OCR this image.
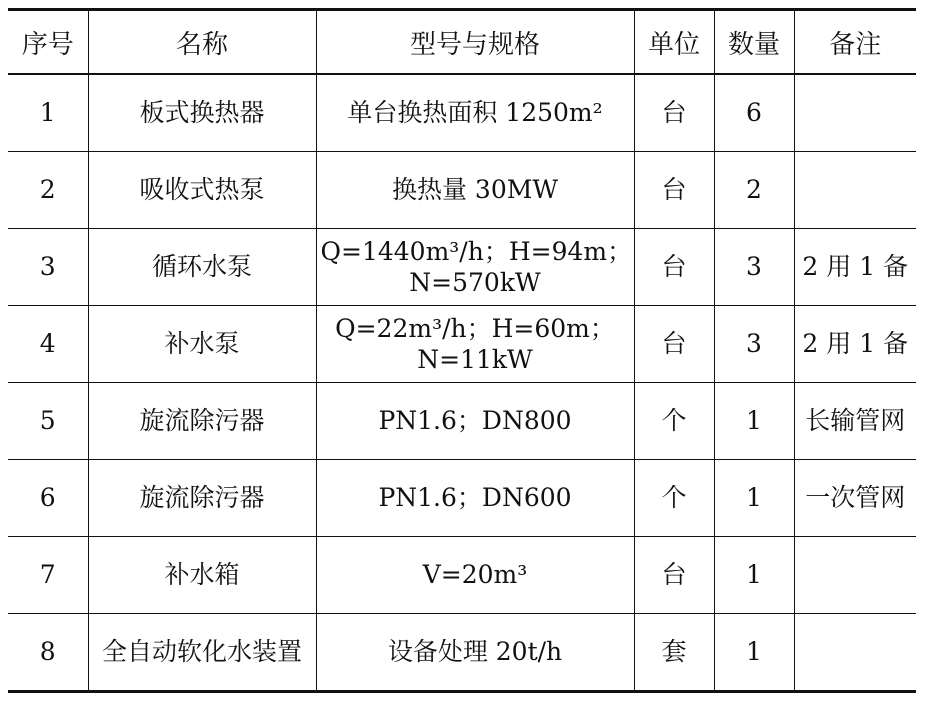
序号	名称	型号与规格	单位	数量	备注
1	板式换热器	单台换热面积 1250m²	台	6	
2	吸收式热泵	换热量 30MW	台	2	
3	循环水泵	Q=1440m³/h；H=94m；
N=570kW	台	3	2 用 1 备
4	补水泵	Q=22m³/h；H=60m；
N=11kW	台	3	2 用 1 备
5	旋流除污器	PN1.6；DN800	个	1	长输管网
6	旋流除污器	PN1.6；DN600	个	1	一次管网
7	补水箱	V=20m³	台	1	
8	全自动软化水装置	设备处理 20t/h	套	1	
